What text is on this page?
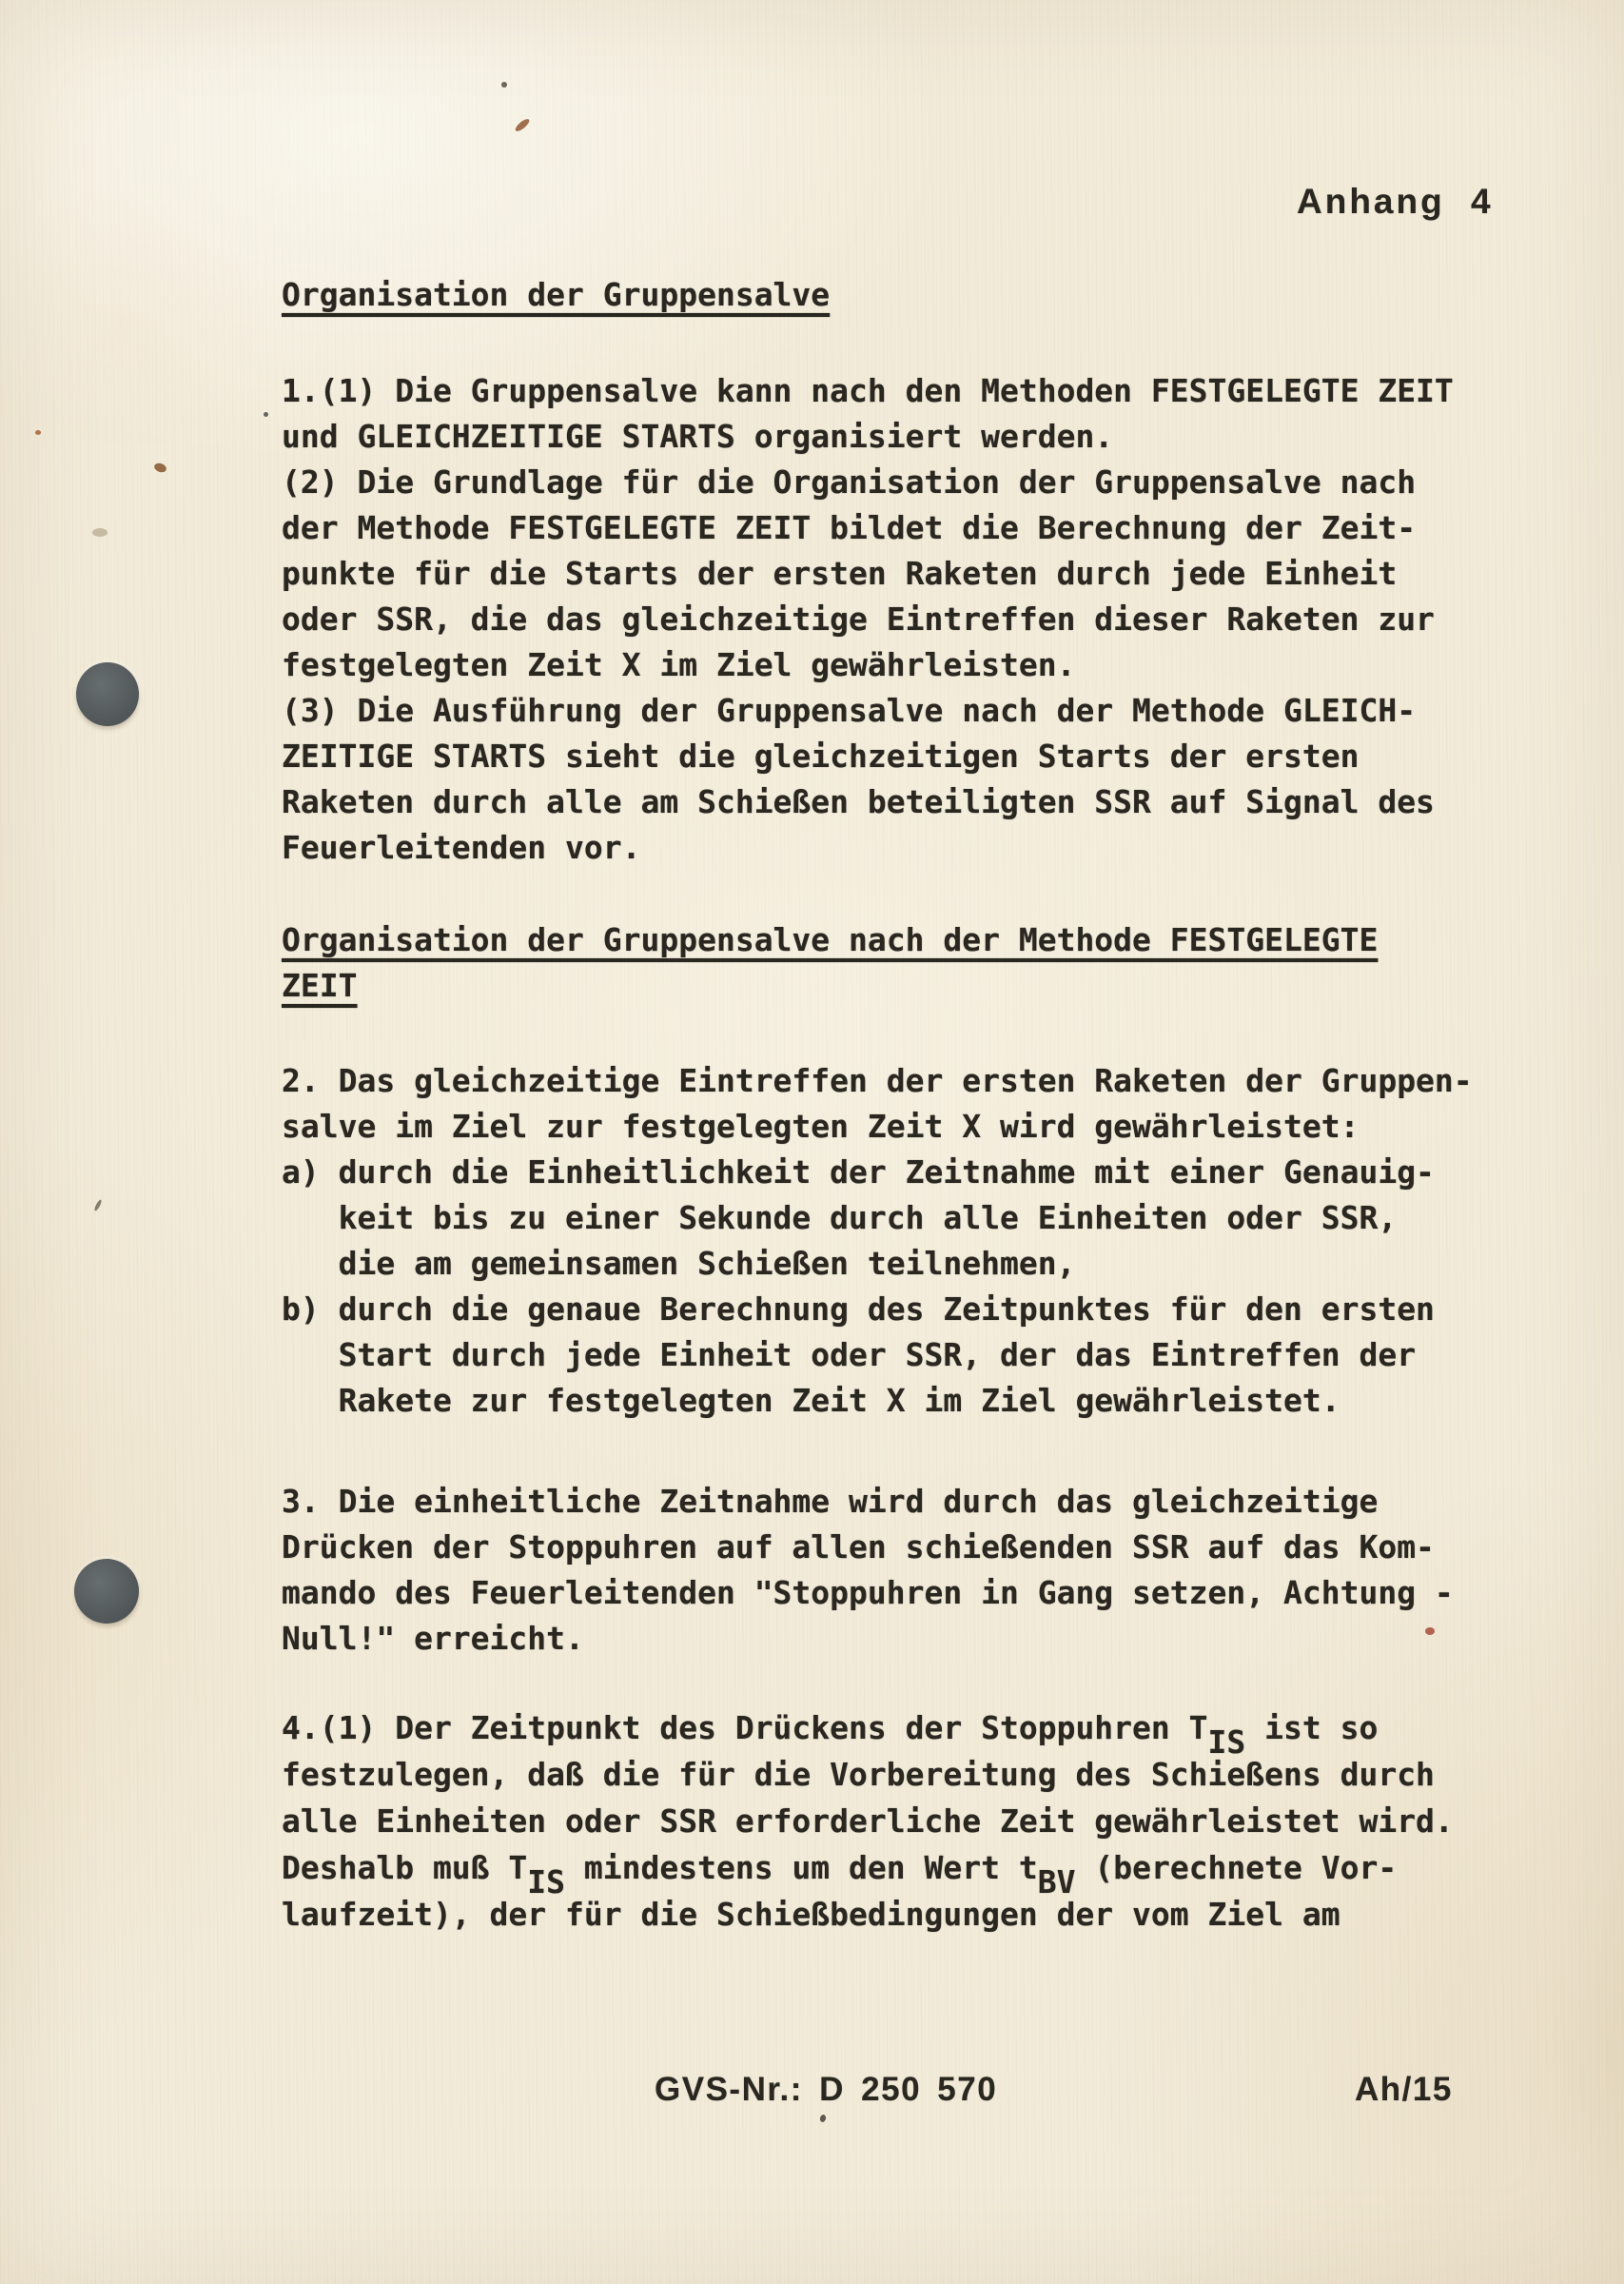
Anhang 4
Organisation der Gruppensalve
1.(1) Die Gruppensalve kann nach den Methoden FESTGELEGTE ZEIT
und GLEICHZEITIGE STARTS organisiert werden.
(2) Die Grundlage für die Organisation der Gruppensalve nach
der Methode FESTGELEGTE ZEIT bildet die Berechnung der Zeit-
punkte für die Starts der ersten Raketen durch jede Einheit
oder SSR, die das gleichzeitige Eintreffen dieser Raketen zur
festgelegten Zeit X im Ziel gewährleisten.
(3) Die Ausführung der Gruppensalve nach der Methode GLEICH-
ZEITIGE STARTS sieht die gleichzeitigen Starts der ersten
Raketen durch alle am Schießen beteiligten SSR auf Signal des
Feuerleitenden vor.
Organisation der Gruppensalve nach der Methode FESTGELEGTE
ZEIT
2. Das gleichzeitige Eintreffen der ersten Raketen der Gruppen-
salve im Ziel zur festgelegten Zeit X wird gewährleistet:
a) durch die Einheitlichkeit der Zeitnahme mit einer Genauig-
keit bis zu einer Sekunde durch alle Einheiten oder SSR,
die am gemeinsamen Schießen teilnehmen,
b) durch die genaue Berechnung des Zeitpunktes für den ersten
Start durch jede Einheit oder SSR, der das Eintreffen der
Rakete zur festgelegten Zeit X im Ziel gewährleistet.
3. Die einheitliche Zeitnahme wird durch das gleichzeitige
Drücken der Stoppuhren auf allen schießenden SSR auf das Kom-
mando des Feuerleitenden "Stoppuhren in Gang setzen, Achtung -
Null!" erreicht.
4.(1) Der Zeitpunkt des Drückens der Stoppuhren TIS ist so
festzulegen, daß die für die Vorbereitung des Schießens durch
alle Einheiten oder SSR erforderliche Zeit gewährleistet wird.
Deshalb muß TIS mindestens um den Wert tBV (berechnete Vor-
laufzeit), der für die Schießbedingungen der vom Ziel am
GVS-Nr.: D 250 570	Ah/15
